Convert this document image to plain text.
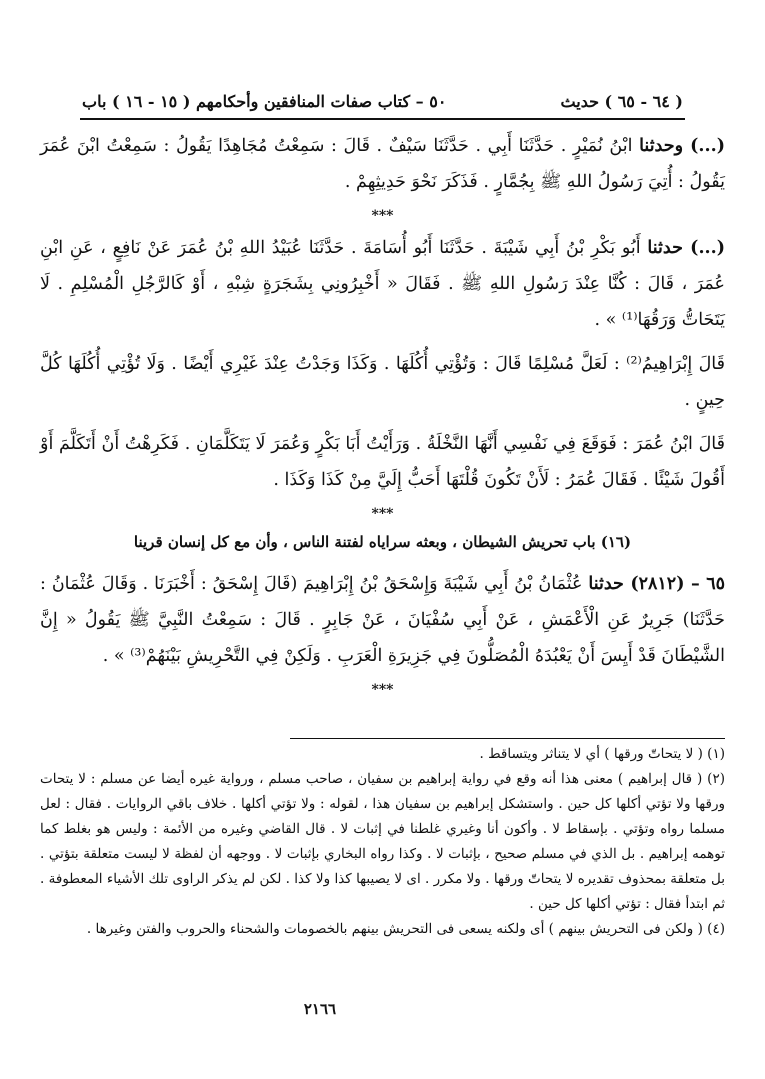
٥٠ – كتاب صفات المنافقين وأحكامهم ( ١٥ - ١٦ ) باب	( ٦٤ - ٦٥ ) حديث

(...) وحدثنا ابْنُ نُمَيْرٍ . حَدَّثَنَا أَبِي . حَدَّثَنَا سَيْفٌ . قَالَ : سَمِعْتُ مُجَاهِدًا يَقُولُ : سَمِعْتُ ابْنَ عُمَرَ يَقُولُ : أُتِيَ رَسُولُ اللهِ ﷺ بِجُمَّارٍ . فَذَكَرَ نَحْوَ حَدِيثِهِمْ .

***

(...) حدثنا أَبُو بَكْرِ بْنُ أَبِي شَيْبَةَ . حَدَّثَنَا أَبُو أُسَامَةَ . حَدَّثَنَا عُبَيْدُ اللهِ بْنُ عُمَرَ عَنْ نَافِعٍ ، عَنِ ابْنِ عُمَرَ ، قَالَ : كُنَّا عِنْدَ رَسُولِ اللهِ ﷺ . فَقَالَ « أَخْبِرُونِي بِشَجَرَةٍ شِبْهِ ، أَوْ كَالرَّجُلِ الْمُسْلِمِ . لَا يَتَحَاتُّ وَرَقُهَا⁽¹⁾ » .

قَالَ إِبْرَاهِيمُ⁽²⁾ : لَعَلَّ مُسْلِمًا قَالَ : وَتُؤْتِي أُكُلَهَا . وَكَذَا وَجَدْتُ عِنْدَ غَيْرِي أَيْضًا . وَلَا تُؤْتِي أُكُلَهَا كُلَّ حِينٍ .

قَالَ ابْنُ عُمَرَ : فَوَقَعَ فِي نَفْسِي أَنَّهَا النَّخْلَةُ . وَرَأَيْتُ أَبَا بَكْرٍ وَعُمَرَ لَا يَتَكَلَّمَانِ . فَكَرِهْتُ أَنْ أَتَكَلَّمَ أَوْ أَقُولَ شَيْئًا . فَقَالَ عُمَرُ : لَأَنْ تَكُونَ قُلْتَهَا أَحَبُّ إِلَيَّ مِنْ كَذَا وَكَذَا .

***
(١٦) باب تحريش الشيطان ، وبعثه سراياه لفتنة الناس ، وأن مع كل إنسان قرينا

٦٥ – (٢٨١٢) حدثنا عُثْمَانُ بْنُ أَبِي شَيْبَةَ وَإِسْحَقُ بْنُ إِبْرَاهِيمَ (قَالَ إِسْحَقُ : أَخْبَرَنَا . وَقَالَ عُثْمَانُ : حَدَّثَنَا) جَرِيرٌ عَنِ الْأَعْمَشِ ، عَنْ أَبِي سُفْيَانَ ، عَنْ جَابِرٍ . قَالَ : سَمِعْتُ النَّبِيَّ ﷺ يَقُولُ « إِنَّ الشَّيْطَانَ قَدْ أَيِسَ أَنْ يَعْبُدَهُ الْمُصَلُّونَ فِي جَزِيرَةِ الْعَرَبِ . وَلَكِنْ فِي التَّحْرِيشِ بَيْنَهُمْ⁽³⁾ » .

***

(١) ( لا يتحاتّ ورقها ) أي لا يتناثر ويتساقط .

(٢) ( قال إبراهيم ) معنى هذا أنه وقع في رواية إبراهيم بن سفيان ، صاحب مسلم ، ورواية غيره أيضا عن مسلم : لا يتحات ورقها ولا تؤتي أكلها كل حين . واستشكل إبراهيم بن سفيان هذا ، لقوله : ولا تؤتي أكلها . خلاف باقي الروايات . فقال : لعل مسلما رواه وتؤتي . بإسقاط لا . وأكون أنا وغيري غلطنا في إثبات لا . قال القاضي وغيره من الأئمة : وليس هو بغلط كما توهمه إبراهيم . بل الذي في مسلم صحيح ، بإثبات لا . وكذا رواه البخاري بإثبات لا . ووجهه أن لفظة لا ليست متعلقة بتؤتي . بل متعلقة بمحذوف تقديره لا يتحاتّ ورقها . ولا مكرر . اى لا يصيبها كذا ولا كذا . لكن لم يذكر الراوى تلك الأشياء المعطوفة . ثم ابتدأ فقال : تؤتي أكلها كل حين .

(٤) ( ولكن فى التحريش بينهم ) أى ولكنه يسعى فى التحريش بينهم بالخصومات والشحناء والحروب والفتن وغيرها .

٢١٦٦
